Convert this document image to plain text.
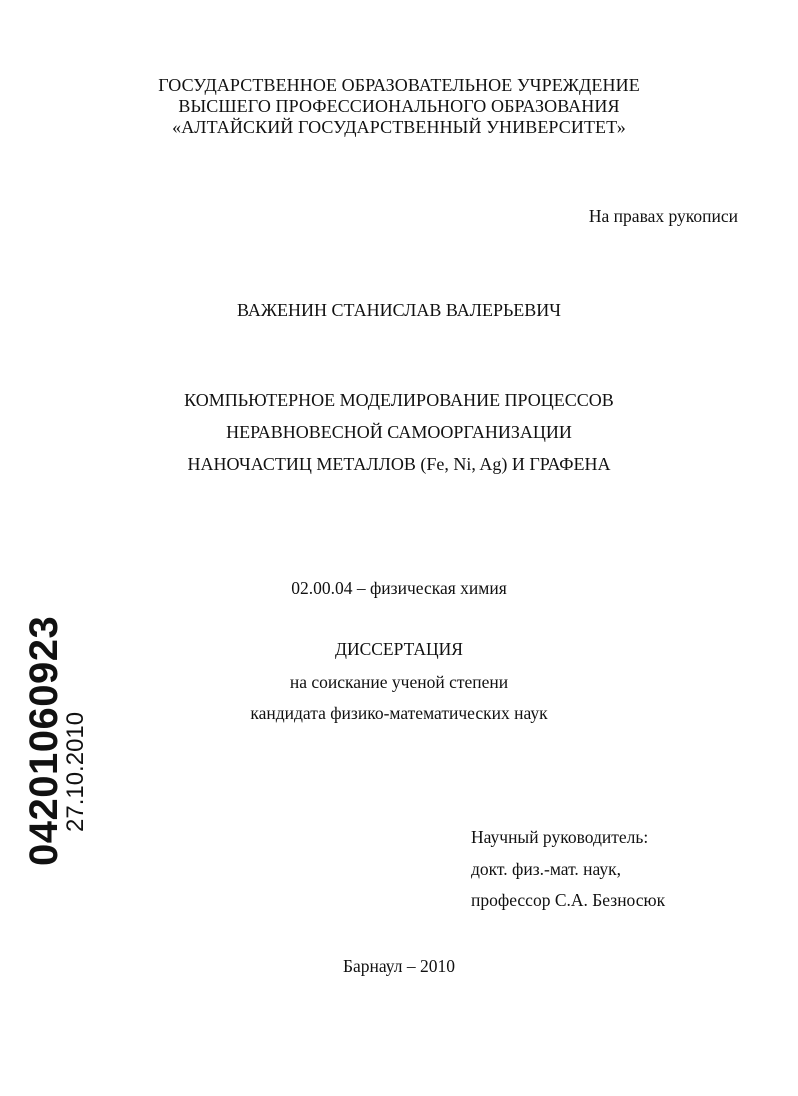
ГОСУДАРСТВЕННОЕ ОБРАЗОВАТЕЛЬНОЕ УЧРЕЖДЕНИЕ
ВЫСШЕГО ПРОФЕССИОНАЛЬНОГО ОБРАЗОВАНИЯ
«АЛТАЙСКИЙ ГОСУДАРСТВЕННЫЙ УНИВЕРСИТЕТ»
На правах рукописи
ВАЖЕНИН СТАНИСЛАВ ВАЛЕРЬЕВИЧ
КОМПЬЮТЕРНОЕ МОДЕЛИРОВАНИЕ ПРОЦЕССОВ
НЕРАВНОВЕСНОЙ САМООРГАНИЗАЦИИ
НАНОЧАСТИЦ МЕТАЛЛОВ (Fe, Ni, Ag) И ГРАФЕНА
02.00.04 – физическая химия
ДИССЕРТАЦИЯ
на соискание ученой степени
кандидата физико-математических наук
Научный руководитель:
докт. физ.-мат. наук,
профессор С.А. Безносюк
Барнаул – 2010
04201060923
27.10.2010
